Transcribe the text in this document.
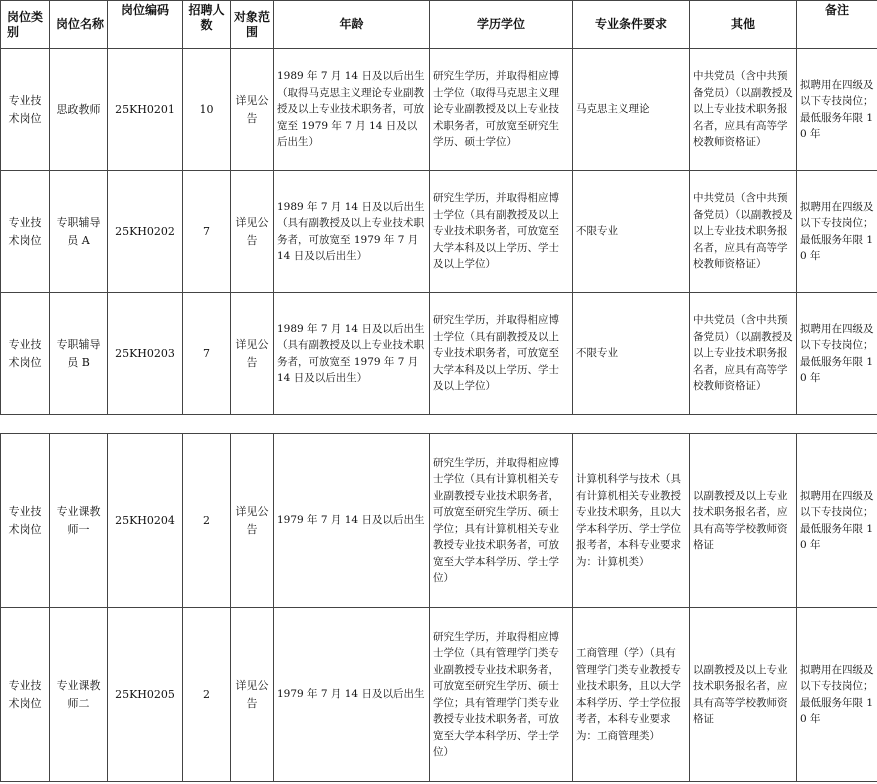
岗位类别	岗位名称	岗位编码	招聘人数	对象范围	年龄	学历学位	专业条件要求	其他	备注
专业技术岗位	思政教师	25KH0201	10	详见公告	1989 年 7 月 14 日及以后出生（取得马克思主义理论专业副教授及以上专业技术职务者，可放宽至 1979 年 7 月 14 日及以后出生）	研究生学历，并取得相应博士学位（取得马克思主义理论专业副教授及以上专业技术职务者，可放宽至研究生学历、硕士学位）	马克思主义理论	中共党员（含中共预备党员）（以副教授及以上专业技术职务报名者，应具有高等学校教师资格证）	拟聘用在四级及以下专技岗位；最低服务年限 10 年
专业技术岗位	专职辅导员 A	25KH0202	7	详见公告	1989 年 7 月 14 日及以后出生（具有副教授及以上专业技术职务者，可放宽至 1979 年 7 月 14 日及以后出生）	研究生学历，并取得相应博士学位（具有副教授及以上专业技术职务者，可放宽至大学本科及以上学历、学士及以上学位）	不限专业	中共党员（含中共预备党员）（以副教授及以上专业技术职务报名者，应具有高等学校教师资格证）	拟聘用在四级及以下专技岗位；最低服务年限 10 年
专业技术岗位	专职辅导员 B	25KH0203	7	详见公告	1989 年 7 月 14 日及以后出生（具有副教授及以上专业技术职务者，可放宽至 1979 年 7 月 14 日及以后出生）	研究生学历，并取得相应博士学位（具有副教授及以上专业技术职务者，可放宽至大学本科及以上学历、学士及以上学位）	不限专业	中共党员（含中共预备党员）（以副教授及以上专业技术职务报名者，应具有高等学校教师资格证）	拟聘用在四级及以下专技岗位；最低服务年限 10 年
专业技术岗位	专业课教师一	25KH0204	2	详见公告	1979 年 7 月 14 日及以后出生	研究生学历，并取得相应博士学位（具有计算机相关专业副教授专业技术职务者，可放宽至研究生学历、硕士学位；具有计算机相关专业教授专业技术职务者，可放宽至大学本科学历、学士学位）	计算机科学与技术（具有计算机相关专业教授专业技术职务，且以大学本科学历、学士学位报考者，本科专业要求为：计算机类）	以副教授及以上专业技术职务报名者，应具有高等学校教师资格证	拟聘用在四级及以下专技岗位；最低服务年限 10 年
专业技术岗位	专业课教师二	25KH0205	2	详见公告	1979 年 7 月 14 日及以后出生	研究生学历，并取得相应博士学位（具有管理学门类专业副教授专业技术职务者，可放宽至研究生学历、硕士学位；具有管理学门类专业教授专业技术职务者，可放宽至大学本科学历、学士学位）	工商管理（学）（具有管理学门类专业教授专业技术职务，且以大学本科学历、学士学位报考者，本科专业要求为：工商管理类）	以副教授及以上专业技术职务报名者，应具有高等学校教师资格证	拟聘用在四级及以下专技岗位；最低服务年限 10 年
